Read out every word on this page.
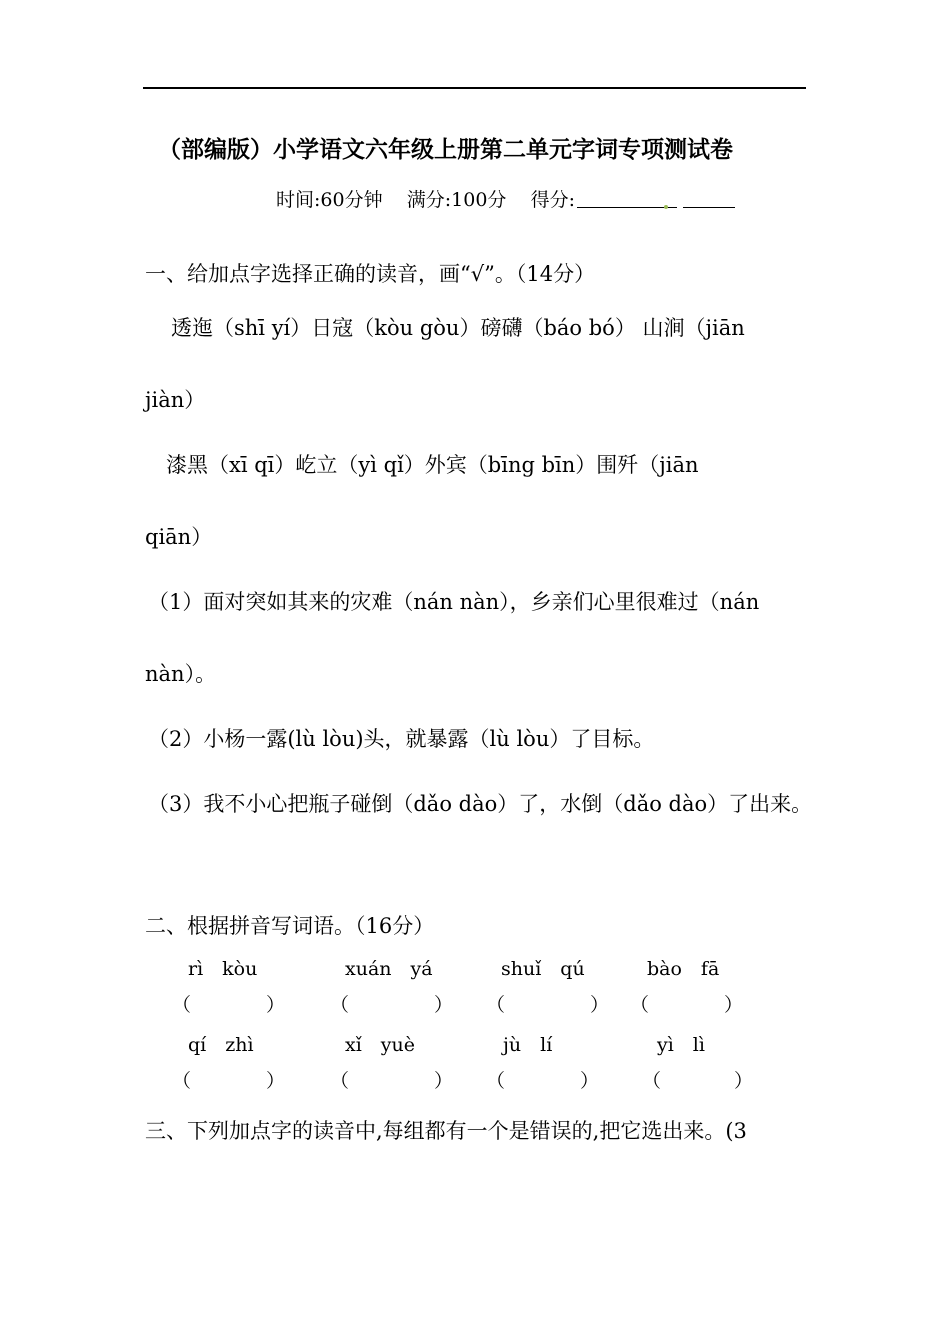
（部编版）小学语文六年级上册第二单元字词专项测试卷
时间:60分钟 满分:100分 得分:
一、给加点字选择正确的读音，画“√”。（14分）
透迤（shī yí）日寇（kòu gòu）磅礴（báo bó） 山涧（jiān
jiàn）
漆黑（xī qī）屹立（yì qǐ）外宾（bīng bīn）围歼（jiān
qiān）
（1）面对突如其来的灾难（nán nàn），乡亲们心里很难过（nán
nàn）。
（2）小杨一露(lù lòu)头，就暴露（lù lòu）了目标。
（3）我不小心把瓶子碰倒（dǎo dào）了，水倒（dǎo dào）了出来。
二、根据拼音写词语。（16分）
rì　kòu	xuán　yá	shuǐ　qú	bào　fā
（	） （	） （	） （	）
qí　zhì	xǐ　yuè	jù　lí	yì　lì
（	） （	） （	） （	）
三、下列加点字的读音中,每组都有一个是错误的,把它选出来。(3
